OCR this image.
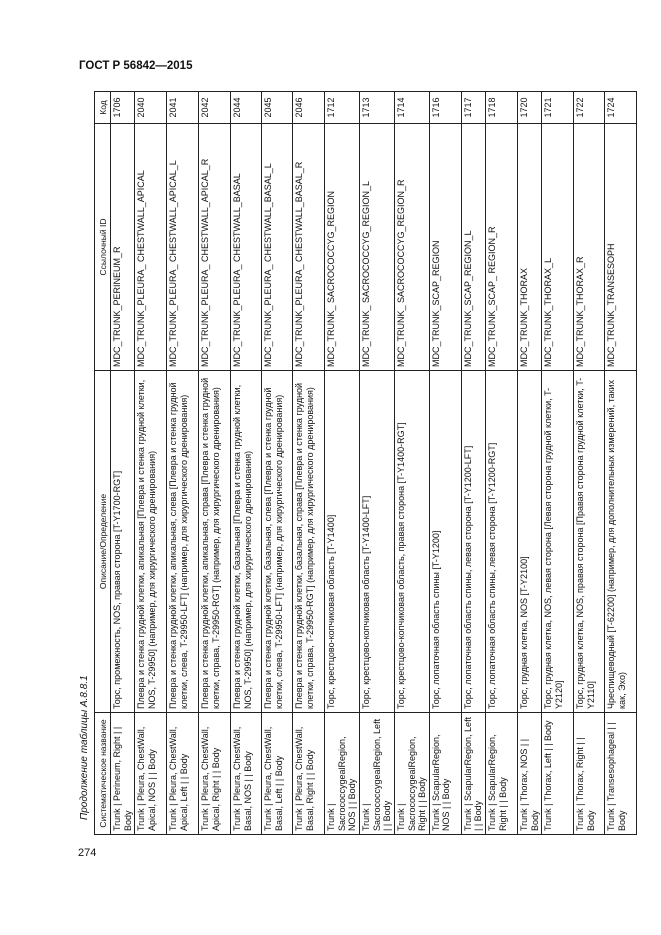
ГОСТ Р 56842—2015
Продолжение таблицы А.8.8.1
274
Систематическое название	Описание/Определение	Ссылочный ID	Код
Trunk | Perineum, Right | | Body	Торс, промежность, NOS, правая сторона [T-Y1700-RGT]	MDC_TRUNK_PERINEUM_R	1706
Trunk | Pleura, ChestWall, Apical, NOS | | Body	Плевра и стенка грудной клетки, апикальная [Плевра и стенка грудной клетки, NOS, T-29950] (например, для хирургического дренирования)	MDC_TRUNK_PLEURA_ CHESTWALL_APICAL	2040
Trunk | Pleura, ChestWall, Apical, Left | | Body	Плевра и стенка грудной клетки, апикальная, слева [Плевра и стенка грудной клетки, слева, T-29950-LFT] (например, для хирургического дренирования)	MDC_TRUNK_PLEURA_ CHESTWALL_APICAL_L	2041
Trunk | Pleura, ChestWall, Apical, Right | | Body	Плевра и стенка грудной клетки, апикальная, справа [Плевра и стенка грудной клетки, справа, T-29950-RGT] (например, для хирургического дренирования)	MDC_TRUNK_PLEURA_ CHESTWALL_APICAL_R	2042
Trunk | Pleura, ChestWall, Basal, NOS | | Body	Плевра и стенка грудной клетки, базальная [Плевра и стенка грудной клетки, NOS, T-29950] (например, для хирургического дренирования)	MDC_TRUNK_PLEURA_ CHESTWALL_BASAL	2044
Trunk | Pleura, ChestWall, Basal, Left | | Body	Плевра и стенка грудной клетки, базальная, слева [Плевра и стенка грудной клетки, слева, T-29950-LFT] (например, для хирургического дренирования)	MDC_TRUNK_PLEURA_ CHESTWALL_BASAL_L	2045
Trunk | Pleura, ChestWall, Basal, Right | | Body	Плевра и стенка грудной клетки, базальная, справа [Плевра и стенка грудной клетки, справа, T-29950-RGT] (например, для хирургического дренирования)	MDC_TRUNK_PLEURA_ CHESTWALL_BASAL_R	2046
Trunk | SacrococcygealRegion, NOS | | Body	Торс, крестцово-копчиковая область [T-Y1400]	MDC_TRUNK_ SACROCOCCYG_REGION	1712
Trunk | SacrococcygealRegion, Left | | Body	Торс, крестцово-копчиковая область [T-Y1400-LFT]	MDC_TRUNK_ SACROCOCCYG_REGION_L	1713
Trunk | SacrococcygealRegion, Right | | Body	Торс, крестцово-копчиковая область, правая сторона [T-Y1400-RGT]	MDC_TRUNK_ SACROCOCCYG_REGION_R	1714
Trunk | ScapularRegion, NOS | | Body	Торс, лопаточная область спины [T-Y1200]	MDC_TRUNK_SCAP_REGION	1716
Trunk | ScapularRegion, Left | | Body	Торс, лопаточная область спины, левая сторона [T-Y1200-LFT]	MDC_TRUNK_SCAP_REGION_L	1717
Trunk | ScapularRegion, Right | | Body	Торс, лопаточная область спины, левая сторона [T-Y1200-RGT]	MDC_TRUNK_SCAP_ REGION_R	1718
Trunk | Thorax, NOS | | Body	Торс, грудная клетка, NOS [T-Y2100]	MDC_TRUNK_THORAX	1720
Trunk | Thorax, Left | | Body	Торс, грудная клетка, NOS, левая сторона [Левая сторона грудной клетки, T-Y2120]	MDC_TRUNK_THORAX_L	1721
Trunk | Thorax, Right | | Body	Торс, грудная клетка, NOS, правая сторона [Правая сторона грудной клетки, T-Y2110]	MDC_TRUNK_THORAX_R	1722
Trunk | Transesophageal | | Body	Чреспищеводный [T-62200] (например, для дополнительных измерений, таких как, Эхо)	MDC_TRUNK_TRANSESOPH	1724
